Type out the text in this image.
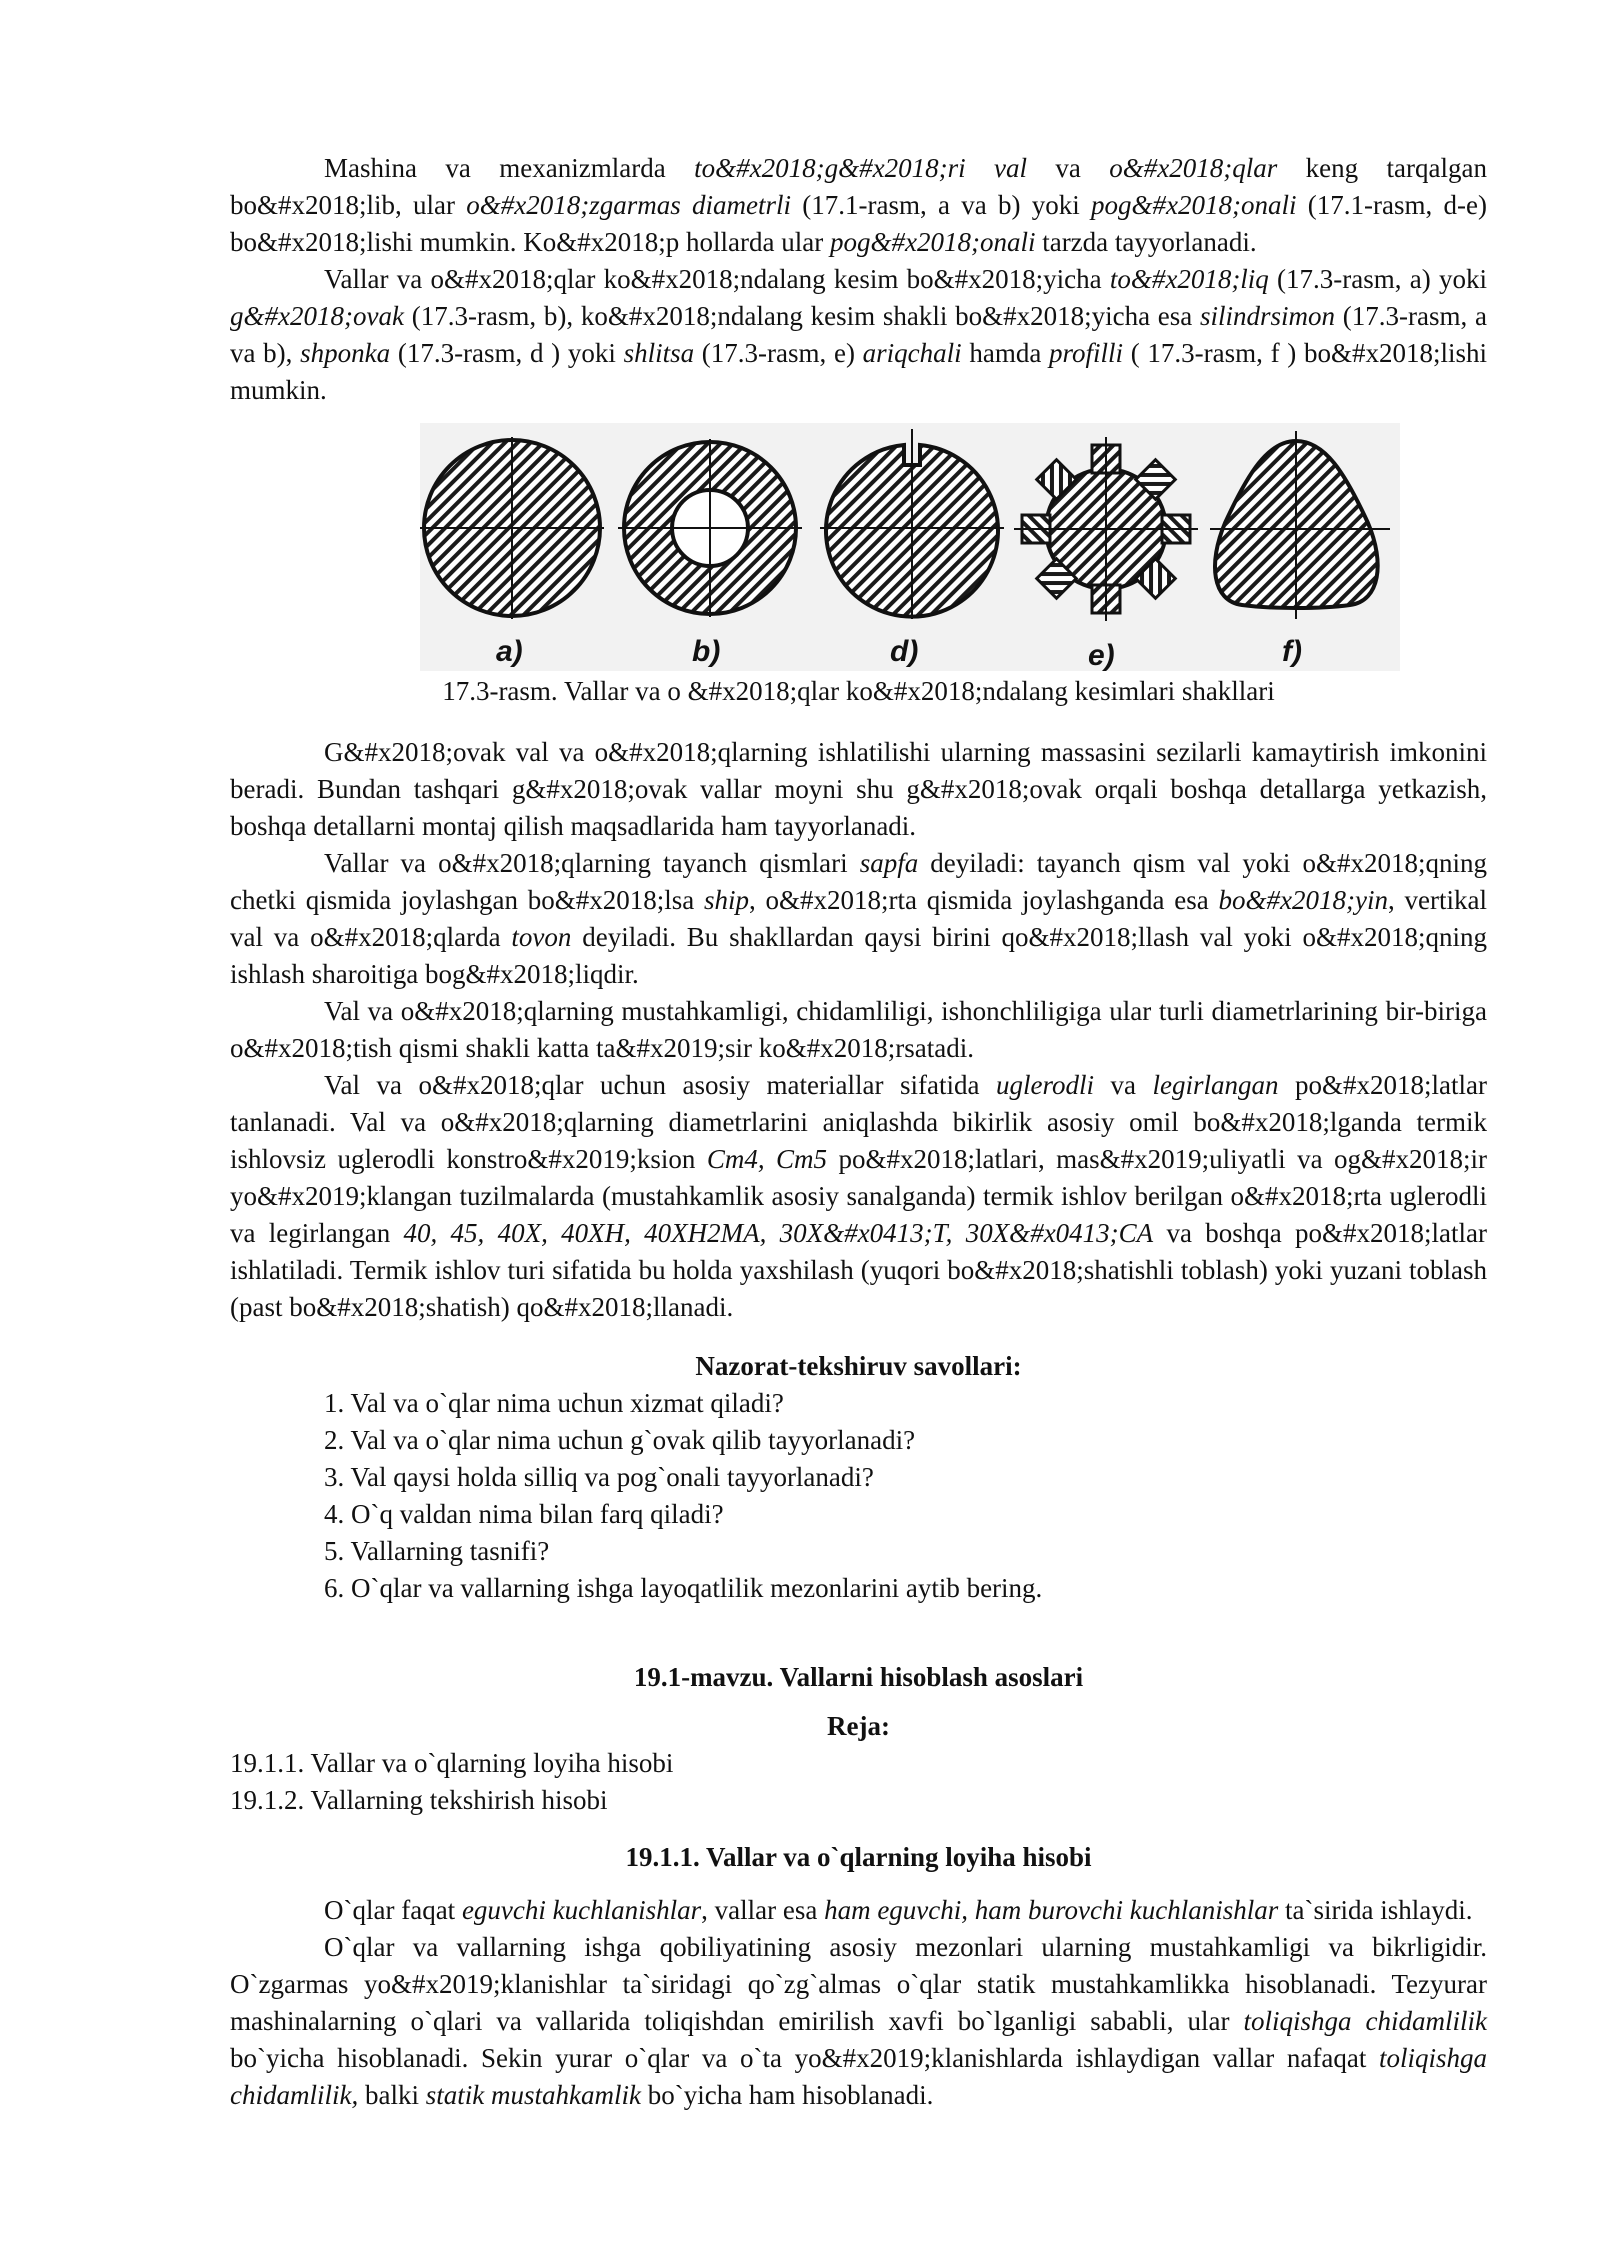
Mashina va mexanizmlarda to&#x2018;g&#x2018;ri val va o&#x2018;qlar keng tarqalgan bo&#x2018;lib, ular o&#x2018;zgarmas diametrli (17.1-rasm, a va b) yoki pog&#x2018;onali (17.1-rasm, d-e) bo&#x2018;lishi mumkin. Ko&#x2018;p hollarda ular pog&#x2018;onali tarzda tayyorlanadi.

Vallar va o&#x2018;qlar ko&#x2018;ndalang kesim bo&#x2018;yicha to&#x2018;liq (17.3-rasm, a) yoki g&#x2018;ovak (17.3-rasm, b), ko&#x2018;ndalang kesim shakli bo&#x2018;yicha esa silindrsimon (17.3-rasm, a va b), shponka (17.3-rasm, d ) yoki shlitsa (17.3-rasm, e) ariqchali hamda profilli ( 17.3-rasm, f ) bo&#x2018;lishi mumkin.

a)	b)	d)	e)	f)

17.3-rasm. Vallar va o &#x2018;qlar ko&#x2018;ndalang kesimlari shakllari

G&#x2018;ovak val va o&#x2018;qlarning ishlatilishi ularning massasini sezilarli kamaytirish imkonini beradi. Bundan tashqari g&#x2018;ovak vallar moyni shu g&#x2018;ovak orqali boshqa detallarga yetkazish, boshqa detallarni montaj qilish maqsadlarida ham tayyorlanadi.

Vallar va o&#x2018;qlarning tayanch qismlari sapfa deyiladi: tayanch qism val yoki o&#x2018;qning chetki qismida joylashgan bo&#x2018;lsa ship, o&#x2018;rta qismida joylashganda esa bo&#x2018;yin, vertikal val va o&#x2018;qlarda tovon deyiladi. Bu shakllardan qaysi birini qo&#x2018;llash val yoki o&#x2018;qning ishlash sharoitiga bog&#x2018;liqdir.

Val va o&#x2018;qlarning mustahkamligi, chidamliligi, ishonchliligiga ular turli diametrlarining bir-biriga o&#x2018;tish qismi shakli katta ta&#x2019;sir ko&#x2018;rsatadi.

Val va o&#x2018;qlar uchun asosiy materiallar sifatida uglerodli va legirlangan po&#x2018;latlar tanlanadi. Val va o&#x2018;qlarning diametrlarini aniqlashda bikirlik asosiy omil bo&#x2018;lganda termik ishlovsiz uglerodli konstro&#x2019;ksion Cm4, Cm5 po&#x2018;latlari, mas&#x2019;uliyatli va og&#x2018;ir yo&#x2019;klangan tuzilmalarda (mustahkamlik asosiy sanalganda) termik ishlov berilgan o&#x2018;rta uglerodli va legirlangan 40, 45, 40X, 40XH, 40XH2MA, 30X&#x0413;T, 30X&#x0413;CA va boshqa po&#x2018;latlar ishlatiladi. Termik ishlov turi sifatida bu holda yaxshilash (yuqori bo&#x2018;shatishli toblash) yoki yuzani toblash (past bo&#x2018;shatish) qo&#x2018;llanadi.

Nazorat-tekshiruv savollari:

1. Val va o`qlar nima uchun xizmat qiladi?
2. Val va o`qlar nima uchun g`ovak qilib tayyorlanadi?
3. Val qaysi holda silliq va pog`onali tayyorlanadi?
4. O`q valdan nima bilan farq qiladi?
5. Vallarning tasnifi?
6. O`qlar va vallarning ishga layoqatlilik mezonlarini aytib bering.

19.1-mavzu. Vallarni hisoblash asoslari

Reja:

19.1.1. Vallar va o`qlarning loyiha hisobi

19.1.2. Vallarning tekshirish hisobi

19.1.1. Vallar va o`qlarning loyiha hisobi

O`qlar faqat eguvchi kuchlanishlar, vallar esa ham eguvchi, ham burovchi kuchlanishlar ta`sirida ishlaydi.

O`qlar va vallarning ishga qobiliyatining asosiy mezonlari ularning mustahkamligi va bikrligidir. O`zgarmas yo&#x2019;klanishlar ta`siridagi qo`zg`almas o`qlar statik mustahkamlikka hisoblanadi. Tezyurar mashinalarning o`qlari va vallarida toliqishdan emirilish xavfi bo`lganligi sababli, ular toliqishga chidamlilik bo`yicha hisoblanadi. Sekin yurar o`qlar va o`ta yo&#x2019;klanishlarda ishlaydigan vallar nafaqat toliqishga chidamlilik, balki statik mustahkamlik bo`yicha ham hisoblanadi.
